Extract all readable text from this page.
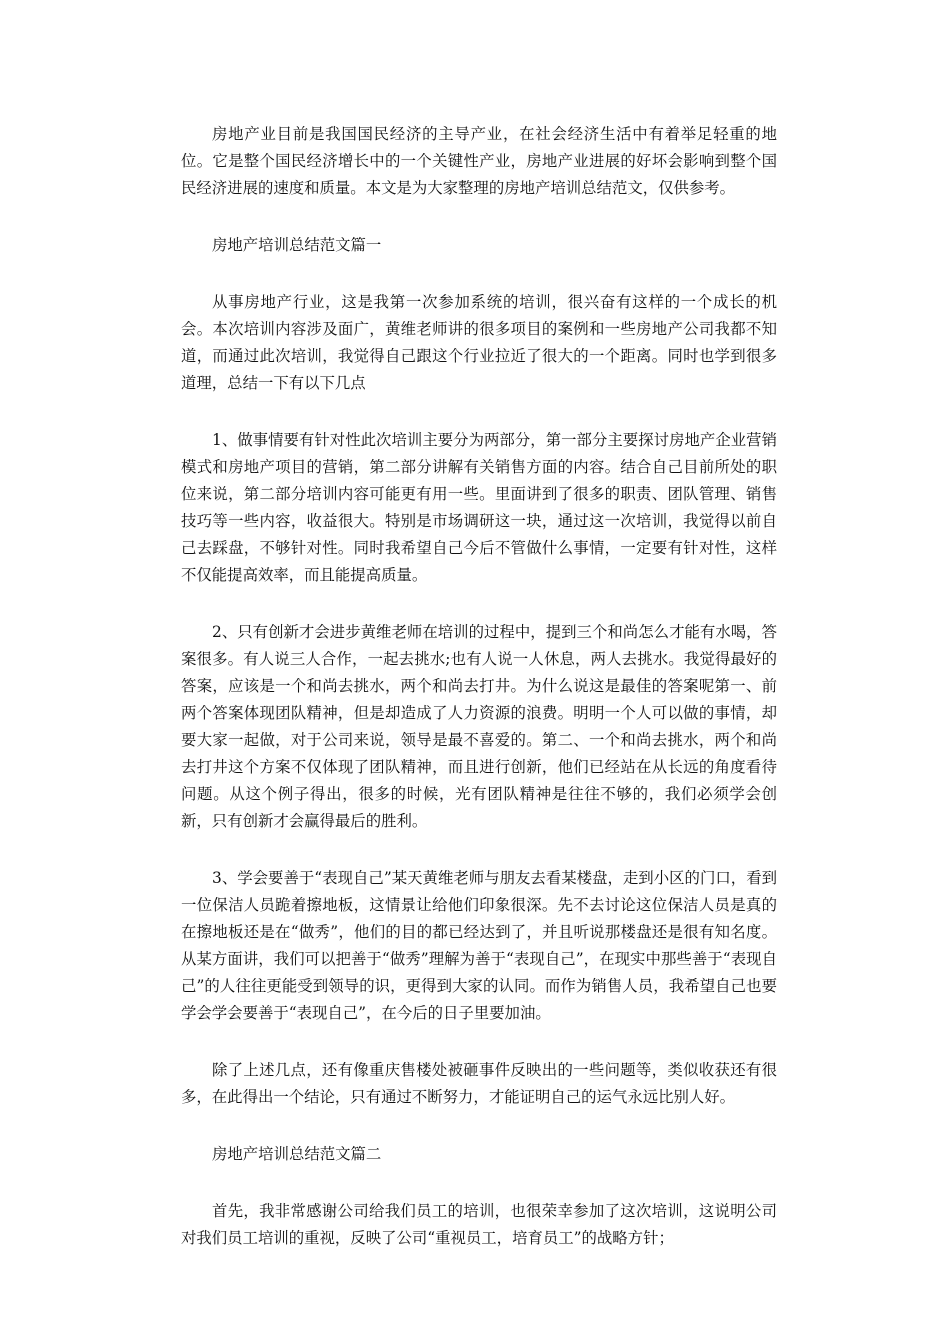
房地产业目前是我国国民经济的主导产业，在社会经济生活中有着举足轻重的地位。它是整个国民经济增长中的一个关键性产业，房地产业进展的好坏会影响到整个国民经济进展的速度和质量。本文是为大家整理的房地产培训总结范文，仅供参考。

房地产培训总结范文篇一

从事房地产行业，这是我第一次参加系统的培训，很兴奋有这样的一个成长的机会。本次培训内容涉及面广，黄维老师讲的很多项目的案例和一些房地产公司我都不知道，而通过此次培训，我觉得自己跟这个行业拉近了很大的一个距离。同时也学到很多道理，总结一下有以下几点

1、做事情要有针对性此次培训主要分为两部分，第一部分主要探讨房地产企业营销模式和房地产项目的营销，第二部分讲解有关销售方面的内容。结合自己目前所处的职位来说，第二部分培训内容可能更有用一些。里面讲到了很多的职责、团队管理、销售技巧等一些内容，收益很大。特别是市场调研这一块，通过这一次培训，我觉得以前自己去踩盘，不够针对性。同时我希望自己今后不管做什么事情，一定要有针对性，这样不仅能提高效率，而且能提高质量。

2、只有创新才会进步黄维老师在培训的过程中，提到三个和尚怎么才能有水喝，答案很多。有人说三人合作，一起去挑水;也有人说一人休息，两人去挑水。我觉得最好的答案，应该是一个和尚去挑水，两个和尚去打井。为什么说这是最佳的答案呢第一、前两个答案体现团队精神，但是却造成了人力资源的浪费。明明一个人可以做的事情，却要大家一起做，对于公司来说，领导是最不喜爱的。第二、一个和尚去挑水，两个和尚去打井这个方案不仅体现了团队精神，而且进行创新，他们已经站在从长远的角度看待问题。从这个例子得出，很多的时候，光有团队精神是往往不够的，我们必须学会创新，只有创新才会赢得最后的胜利。

3、学会要善于“表现自己”某天黄维老师与朋友去看某楼盘，走到小区的门口，看到一位保洁人员跪着擦地板，这情景让给他们印象很深。先不去讨论这位保洁人员是真的在擦地板还是在“做秀”，他们的目的都已经达到了，并且听说那楼盘还是很有知名度。从某方面讲，我们可以把善于“做秀”理解为善于“表现自己”，在现实中那些善于“表现自己”的人往往更能受到领导的识，更得到大家的认同。而作为销售人员，我希望自己也要学会学会要善于“表现自己”，在今后的日子里要加油。

除了上述几点，还有像重庆售楼处被砸事件反映出的一些问题等，类似收获还有很多，在此得出一个结论，只有通过不断努力，才能证明自己的运气永远比别人好。

房地产培训总结范文篇二

首先，我非常感谢公司给我们员工的培训，也很荣幸参加了这次培训，这说明公司对我们员工培训的重视，反映了公司“重视员工，培育员工”的战略方针；
